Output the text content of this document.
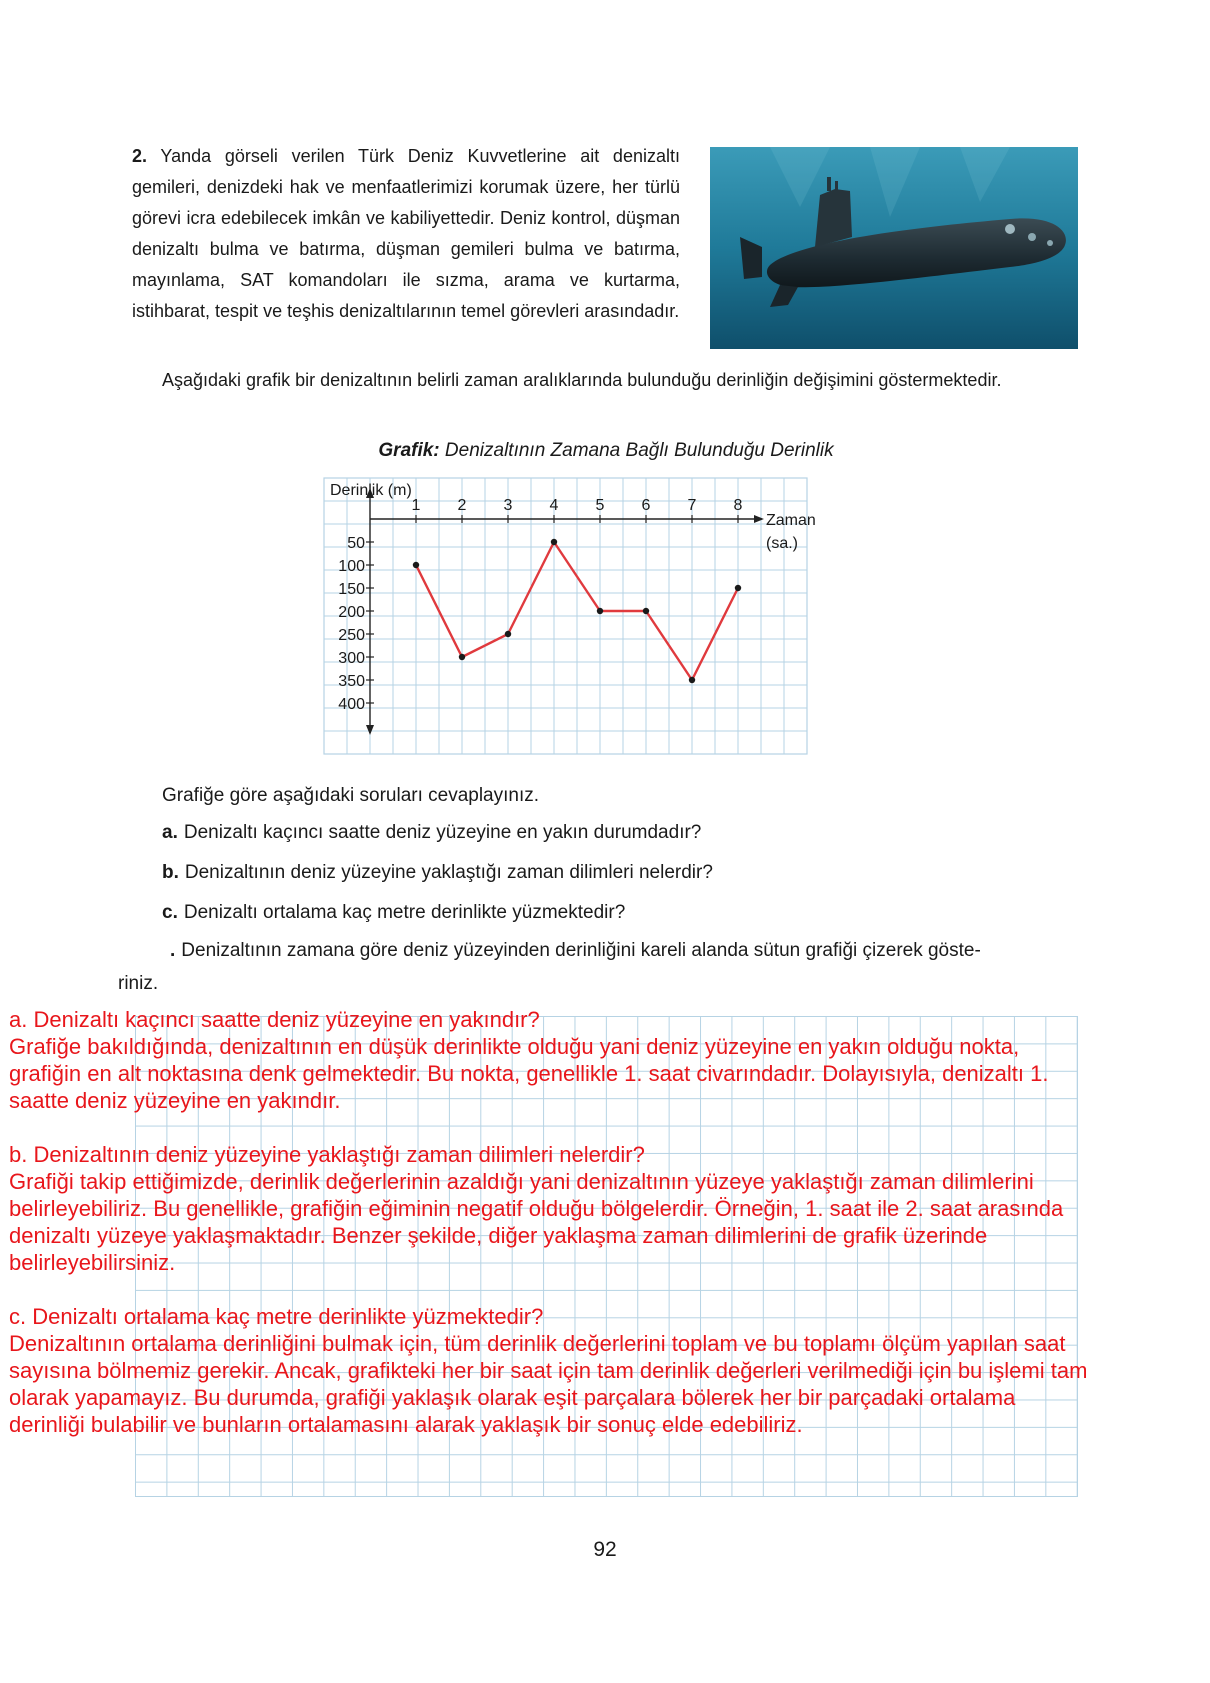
2. Yanda görseli verilen Türk Deniz Kuvvetlerine ait denizaltı gemileri, denizdeki hak ve menfaatlerimizi korumak üzere, her türlü görevi icra edebilecek imkân ve kabiliyettedir. Deniz kontrol, düşman denizaltı bulma ve batırma, düşman gemileri bulma ve batırma, mayınlama, SAT komandoları ile sızma, arama ve kurtarma, istihbarat, tespit ve teşhis denizaltılarının temel görevleri arasındadır.

Aşağıdaki grafik bir denizaltının belirli zaman aralıklarında bulunduğu derinliğin değişimini göstermektedir.

Grafik: Denizaltının Zamana Bağlı Bulunduğu Derinlik
Derinlik (m)
Zaman
(sa.)
1 2 3 4 5 6 7 8
50
100
150
200
250
300
350
400
Grafiğe göre aşağıdaki soruları cevaplayınız.
a. Denizaltı kaçıncı saatte deniz yüzeyine en yakın durumdadır?
b. Denizaltının deniz yüzeyine yaklaştığı zaman dilimleri nelerdir?
c. Denizaltı ortalama kaç metre derinlikte yüzmektedir?
. Denizaltının zamana göre deniz yüzeyinden derinliğini kareli alanda sütun grafiği çizerek göste-
riniz.
a. Denizaltı kaçıncı saatte deniz yüzeyine en yakındır?
Grafiğe bakıldığında, denizaltının en düşük derinlikte olduğu yani deniz yüzeyine en yakın olduğu nokta,
grafiğin en alt noktasına denk gelmektedir. Bu nokta, genellikle 1. saat civarındadır. Dolayısıyla, denizaltı 1.
saatte deniz yüzeyine en yakındır.
b. Denizaltının deniz yüzeyine yaklaştığı zaman dilimleri nelerdir?
Grafiği takip ettiğimizde, derinlik değerlerinin azaldığı yani denizaltının yüzeye yaklaştığı zaman dilimlerini
belirleyebiliriz. Bu genellikle, grafiğin eğiminin negatif olduğu bölgelerdir. Örneğin, 1. saat ile 2. saat arasında
denizaltı yüzeye yaklaşmaktadır. Benzer şekilde, diğer yaklaşma zaman dilimlerini de grafik üzerinde
belirleyebilirsiniz.
c. Denizaltı ortalama kaç metre derinlikte yüzmektedir?
Denizaltının ortalama derinliğini bulmak için, tüm derinlik değerlerini toplam ve bu toplamı ölçüm yapılan saat
sayısına bölmemiz gerekir. Ancak, grafikteki her bir saat için tam derinlik değerleri verilmediği için bu işlemi tam
olarak yapamayız. Bu durumda, grafiği yaklaşık olarak eşit parçalara bölerek her bir parçadaki ortalama
derinliği bulabilir ve bunların ortalamasını alarak yaklaşık bir sonuç elde edebiliriz.
92
